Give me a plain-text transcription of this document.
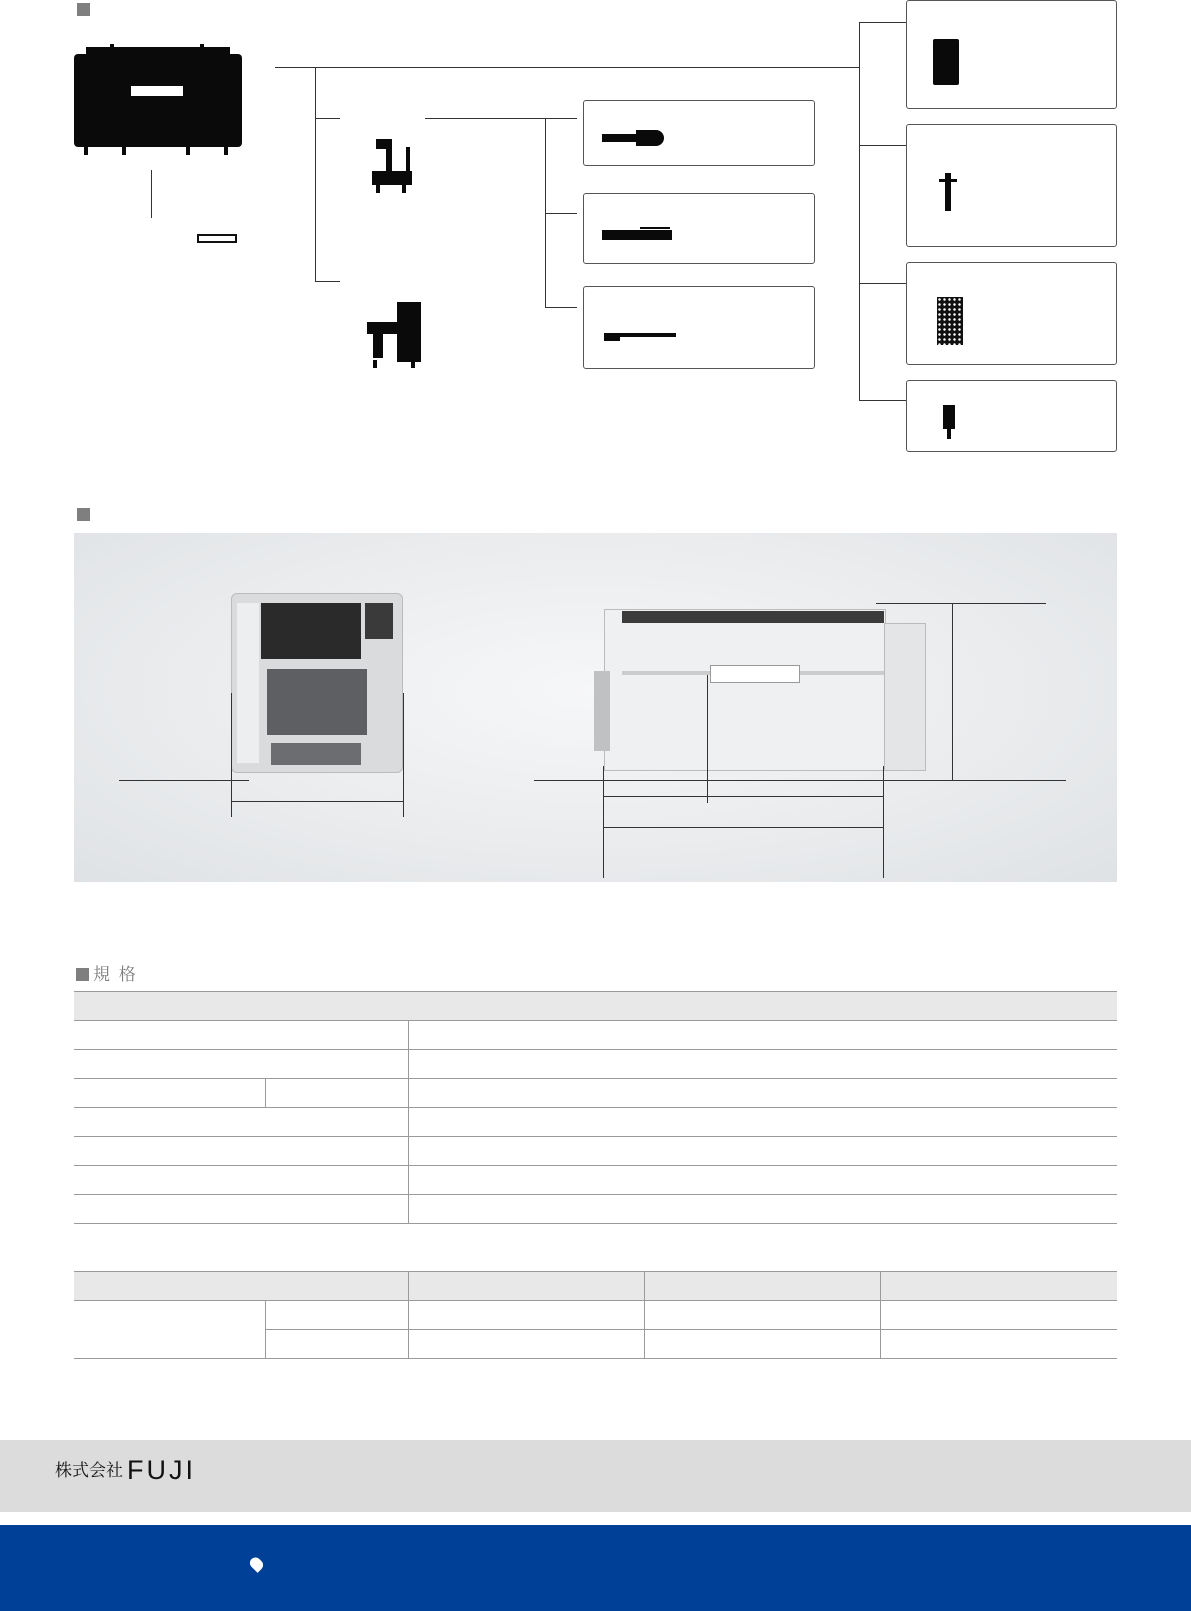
規 格

株式会社 FUJI
